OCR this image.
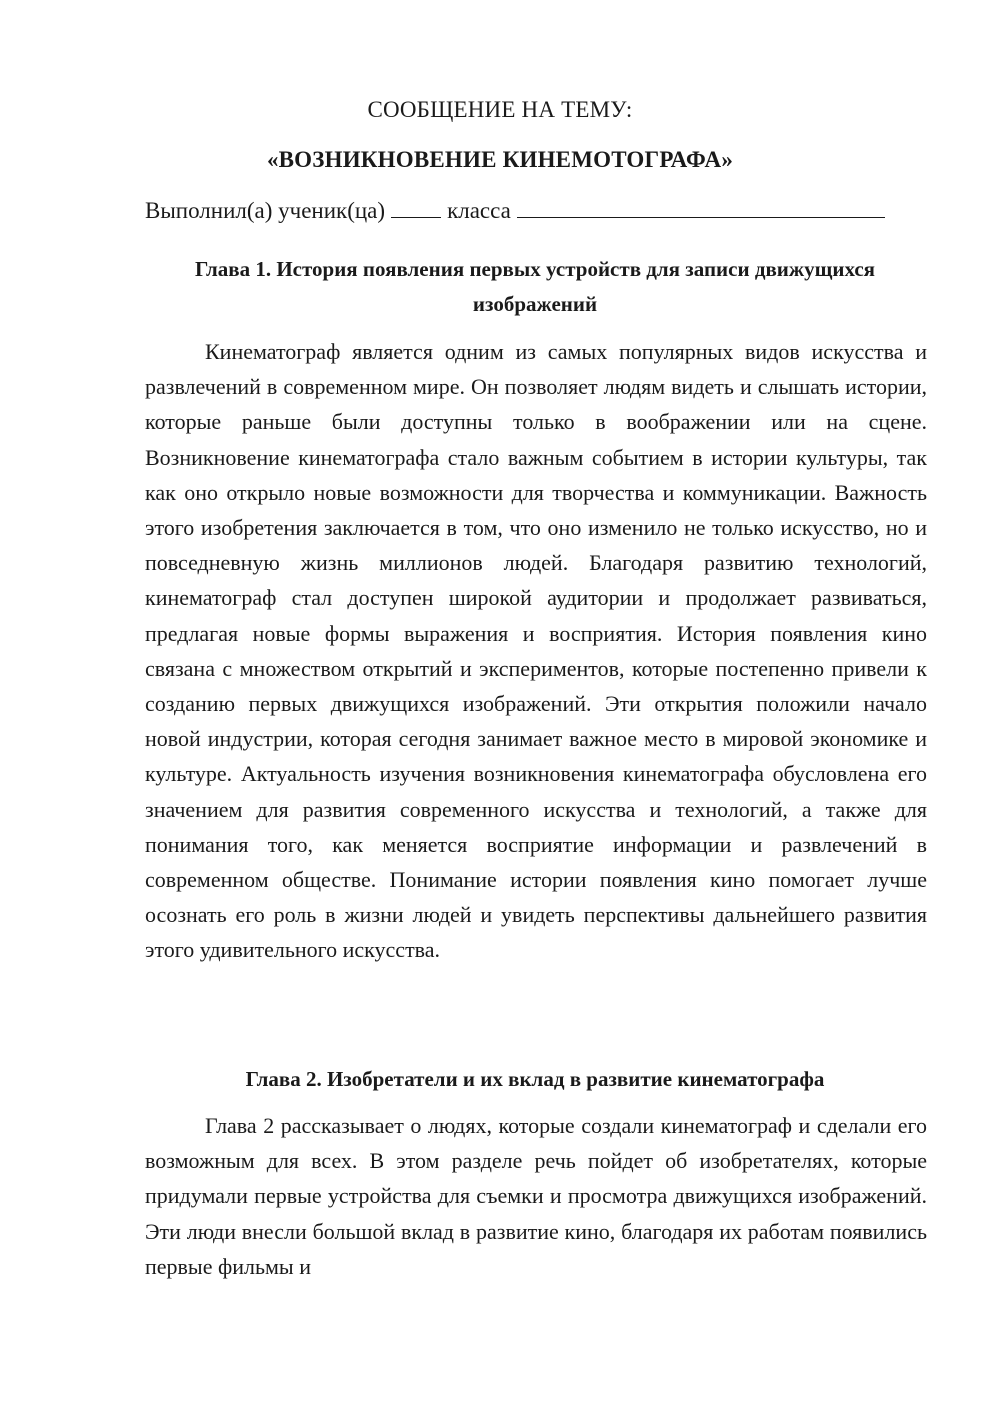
СООБЩЕНИЕ НА ТЕМУ:
«ВОЗНИКНОВЕНИЕ КИНЕМОТОГРАФА»
Выполнил(а) ученик(ца)	класса
Глава 1. История появления первых устройств для записи движущихся изображений

Кинематограф является одним из самых популярных видов искусства и развлечений в современном мире. Он позволяет людям видеть и слышать истории, которые раньше были доступны только в воображении или на сцене. Возникновение кинематографа стало важным событием в истории культуры, так как оно открыло новые возможности для творчества и коммуникации. Важность этого изобретения заключается в том, что оно изменило не только искусство, но и повседневную жизнь миллионов людей. Благодаря развитию технологий, кинематограф стал доступен широкой аудитории и продолжает развиваться, предлагая новые формы выражения и восприятия. История появления кино связана с множеством открытий и экспериментов, которые постепенно привели к созданию первых движущихся изображений. Эти открытия положили начало новой индустрии, которая сегодня занимает важное место в мировой экономике и культуре. Актуальность изучения возникновения кинематографа обусловлена его значением для развития современного искусства и технологий, а также для понимания того, как меняется восприятие информации и развлечений в современном обществе. Понимание истории появления кино помогает лучше осознать его роль в жизни людей и увидеть перспективы дальнейшего развития этого удивительного искусства.

Глава 2. Изобретатели и их вклад в развитие кинематографа

Глава 2 рассказывает о людях, которые создали кинематограф и сделали его возможным для всех. В этом разделе речь пойдет об изобретателях, которые придумали первые устройства для съемки и просмотра движущихся изображений. Эти люди внесли большой вклад в развитие кино, благодаря их работам появились первые фильмы и
